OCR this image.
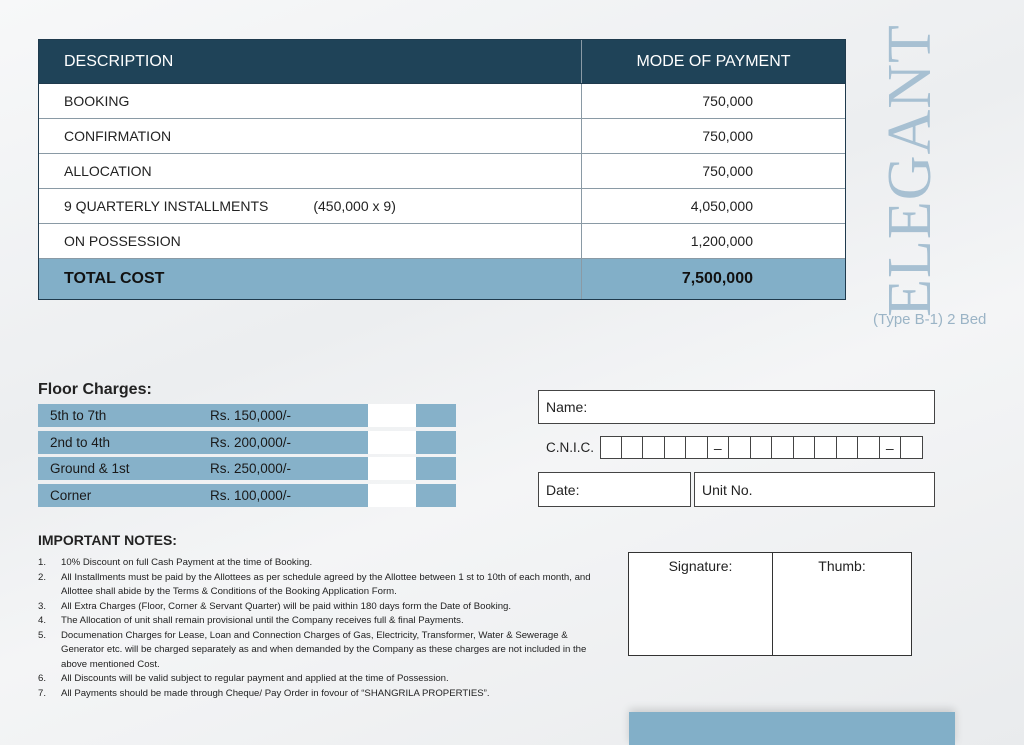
DESCRIPTION	MODE OF PAYMENT
BOOKING	750,000
CONFIRMATION	750,000
ALLOCATION	750,000
9 QUARTERLY INSTALLMENTS	(450,000 x 9)	4,050,000
ON POSSESSION	1,200,000
TOTAL COST	7,500,000	ELEGANT
(Type B-1) 2 Bed
Floor Charges:
5th to 7th	Rs. 150,000/-
2nd to 4th	Rs. 200,000/-
Ground & 1st	Rs. 250,000/-
Corner	Rs. 100,000/-
Name:
C.N.I.C.	–	–
Date:	Unit No.
IMPORTANT NOTES:
1.	10% Discount on full Cash Payment at the time of Booking.
2.	All Installments must be paid by the Allottees as per schedule agreed by the Allottee between 1 st to 10th of each month, and Allottee shall abide by the Terms & Conditions of the Booking Application Form.
3.	All Extra Charges (Floor, Corner & Servant Quarter) will be paid within 180 days form the Date of Booking.
4.	The Allocation of unit shall remain provisional until the Company receives full & final Payments.
5.	Documenation Charges for Lease, Loan and Connection Charges of Gas, Electricity, Transformer, Water & Sewerage & Generator etc. will be charged separately as and when demanded by the Company as these charges are not included in the above mentioned Cost.
6.	All Discounts will be valid subject to regular payment and applied at the time of Possession.
7.	All Payments should be made through Cheque/ Pay Order in fovour of “SHANGRILA PROPERTIES”.
Signature:	Thumb:
